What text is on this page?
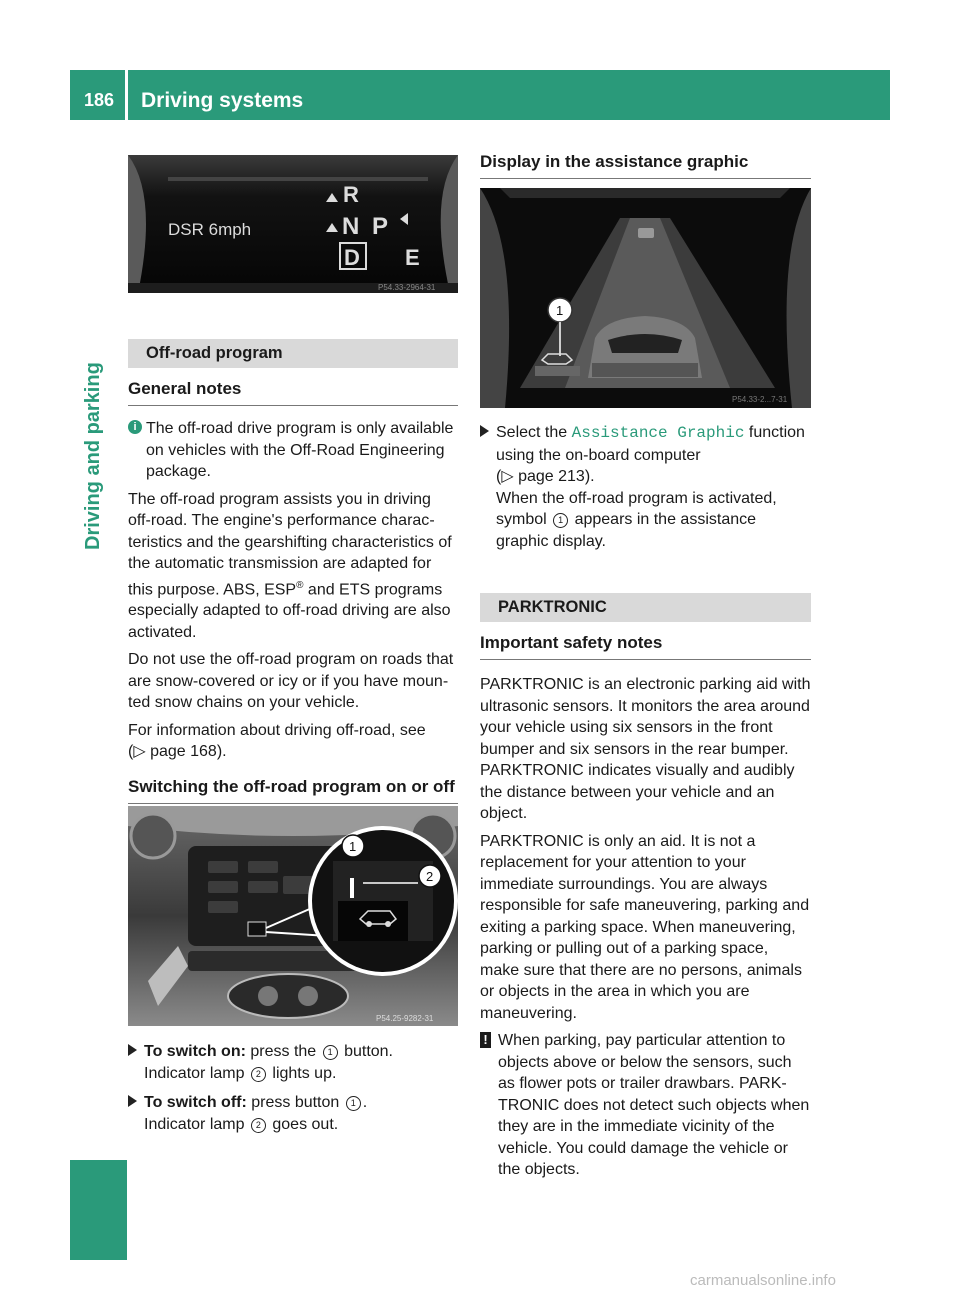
186 Driving systems
Driving and parking
DSR 6mph
R
N P
D E
P54.33-2964-31
Off-road program
General notes
i The off-road drive program is only available on vehicles with the Off-Road Engineering package.
The off-road program assists you in driving off-road. The engine's performance characteristics and the gearshifting characteristics of the automatic transmission are adapted for this purpose. ABS, ESP® and ETS programs especially adapted to off-road driving are also activated.
Do not use the off-road program on roads that are snow-covered or icy or if you have mounted snow chains on your vehicle.
For information about driving off-road, see
(▷ page 168).
Switching the off-road program on or off
1
2
P54.25-9282-31
To switch on: press the 1 button.
Indicator lamp 2 lights up.
To switch off: press button 1 .
Indicator lamp 2 goes out.
Display in the assistance graphic
1
P54.33-2...7-31
Select the Assistance Graphic function using the on-board computer
(▷ page 213).
When the off-road program is activated, symbol 1 appears in the assistance graphic display.
PARKTRONIC
Important safety notes
PARKTRONIC is an electronic parking aid with ultrasonic sensors. It monitors the area around your vehicle using six sensors in the front bumper and six sensors in the rear bumper. PARKTRONIC indicates visually and audibly the distance between your vehicle and an object.
PARKTRONIC is only an aid. It is not a replacement for your attention to your immediate surroundings. You are always responsible for safe maneuvering, parking and exiting a parking space. When maneuvering, parking or pulling out of a parking space, make sure that there are no persons, animals or objects in the area in which you are maneuvering.
! When parking, pay particular attention to objects above or below the sensors, such as flower pots or trailer drawbars. PARKTRONIC does not detect such objects when they are in the immediate vicinity of the vehicle. You could damage the vehicle or the objects.
carmanualsonline.info
